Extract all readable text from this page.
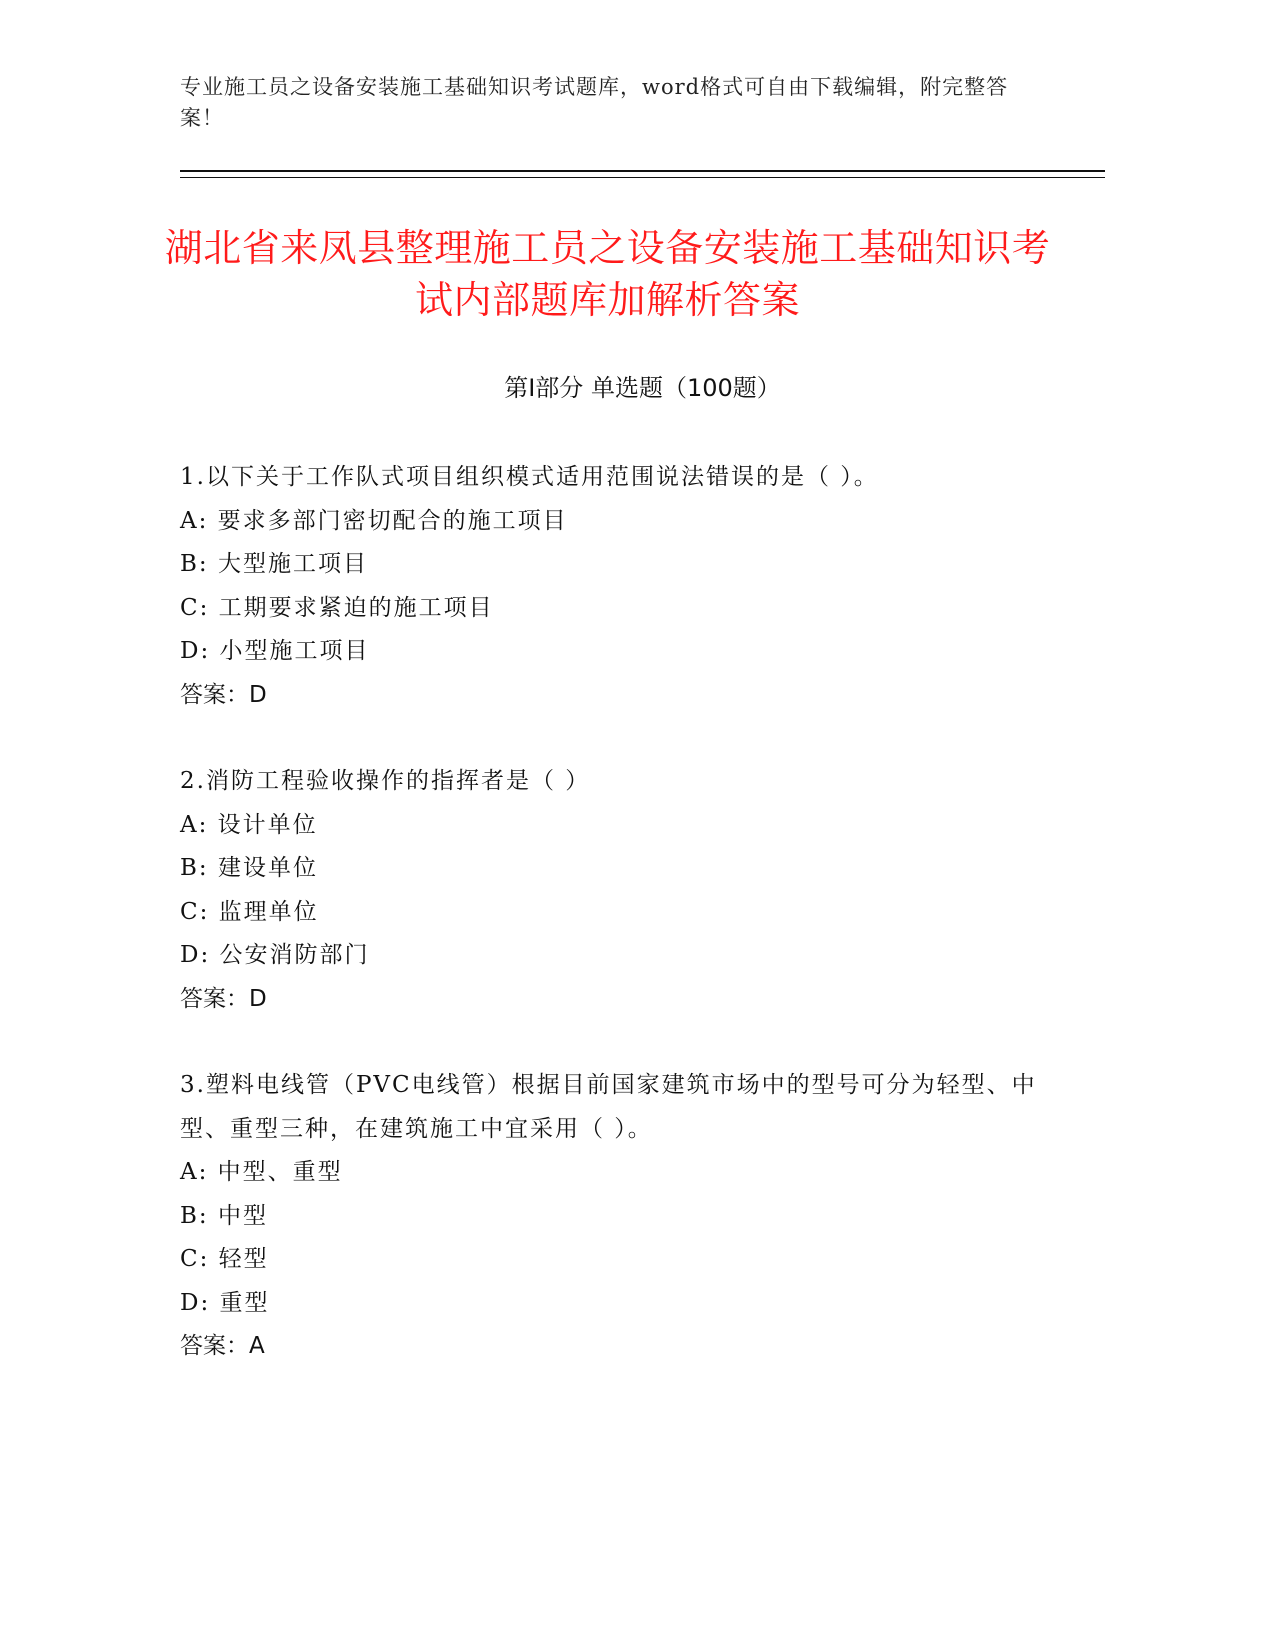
专业施工员之设备安装施工基础知识考试题库，word格式可自由下载编辑，附完整答案！
湖北省来凤县整理施工员之设备安装施工基础知识考试内部题库加解析答案
第I部分 单选题（100题）
1.以下关于工作队式项目组织模式适用范围说法错误的是（ ）。
A: 要求多部门密切配合的施工项目
B: 大型施工项目
C: 工期要求紧迫的施工项目
D: 小型施工项目
答案：D
2.消防工程验收操作的指挥者是（ ）
A: 设计单位
B: 建设单位
C: 监理单位
D: 公安消防部门
答案：D
3.塑料电线管（PVC电线管）根据目前国家建筑市场中的型号可分为轻型、中型、重型三种，在建筑施工中宜采用（ ）。
A: 中型、重型
B: 中型
C: 轻型
D: 重型
答案：A
